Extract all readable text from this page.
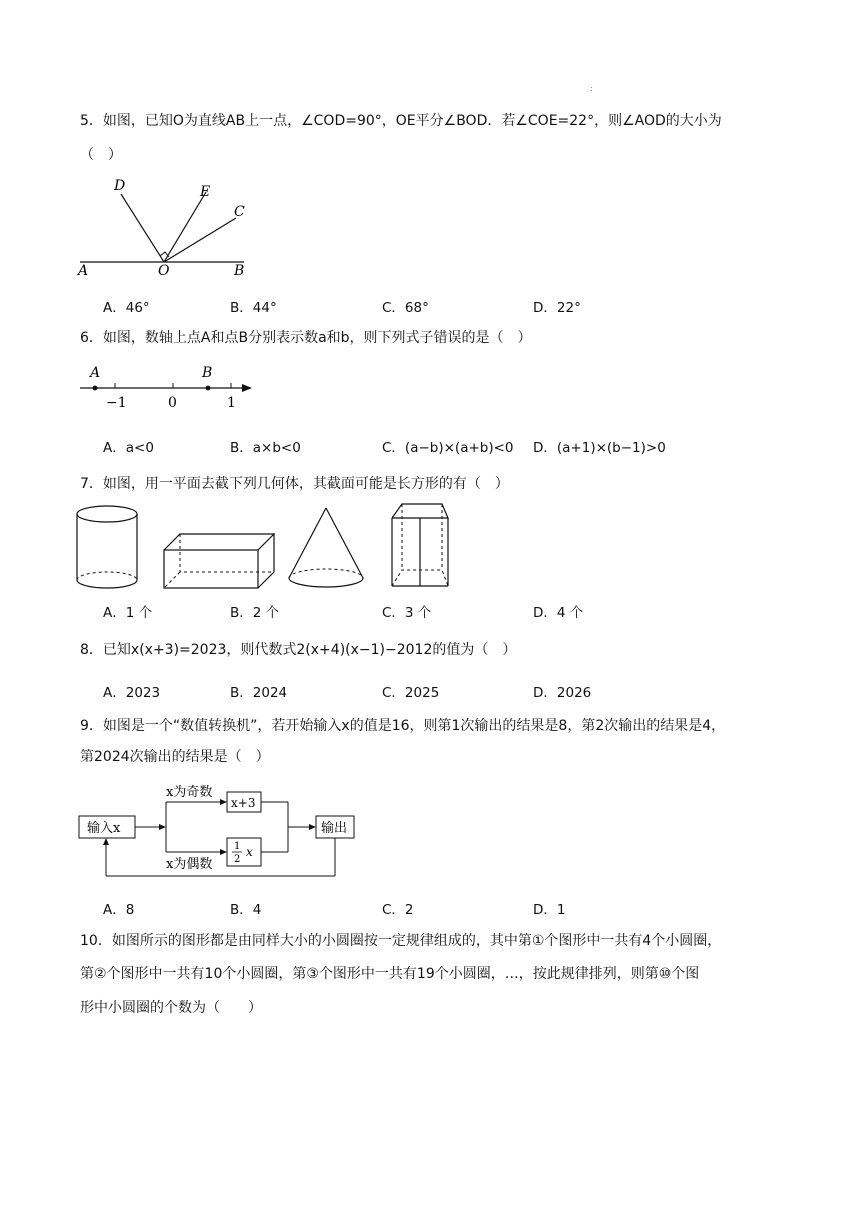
:
5．如图，已知O为直线AB上一点，∠COD=90°，OE平分∠BOD．若∠COE=22°，则∠AOD的大小为
（　）
D	E
C
A	O	B
A．46°	B．44°	C．68°	D．22°
6．如图，数轴上点A和点B分别表示数a和b，则下列式子错误的是（　）
A	B
−1	0	1
A．a<0	B．a×b<0	C．(a−b)×(a+b)<0 D．(a+1)×(b−1)>0
7．如图，用一平面去截下列几何体，其截面可能是长方形的有（　）
A．1 个	B．2 个	C．3 个	D．4 个
8．已知x(x+3)=2023，则代数式2(x+4)(x−1)−2012的值为（　）
A．2023	B．2024	C．2025	D．2026
9．如图是一个“数值转换机”，若开始输入x的值是16，则第1次输出的结果是8，第2次输出的结果是4，
第2024次输出的结果是（　）
输入x
x为奇数
x+3
x为偶数
1
2
x
输出
A．8	B．4	C．2	D．1
10．如图所示的图形都是由同样大小的小圆圈按一定规律组成的，其中第①个图形中一共有4个小圆圈，
第②个图形中一共有10个小圆圈，第③个图形中一共有19个小圆圈，…，按此规律排列，则第⑩个图
形中小圆圈的个数为（　　）
